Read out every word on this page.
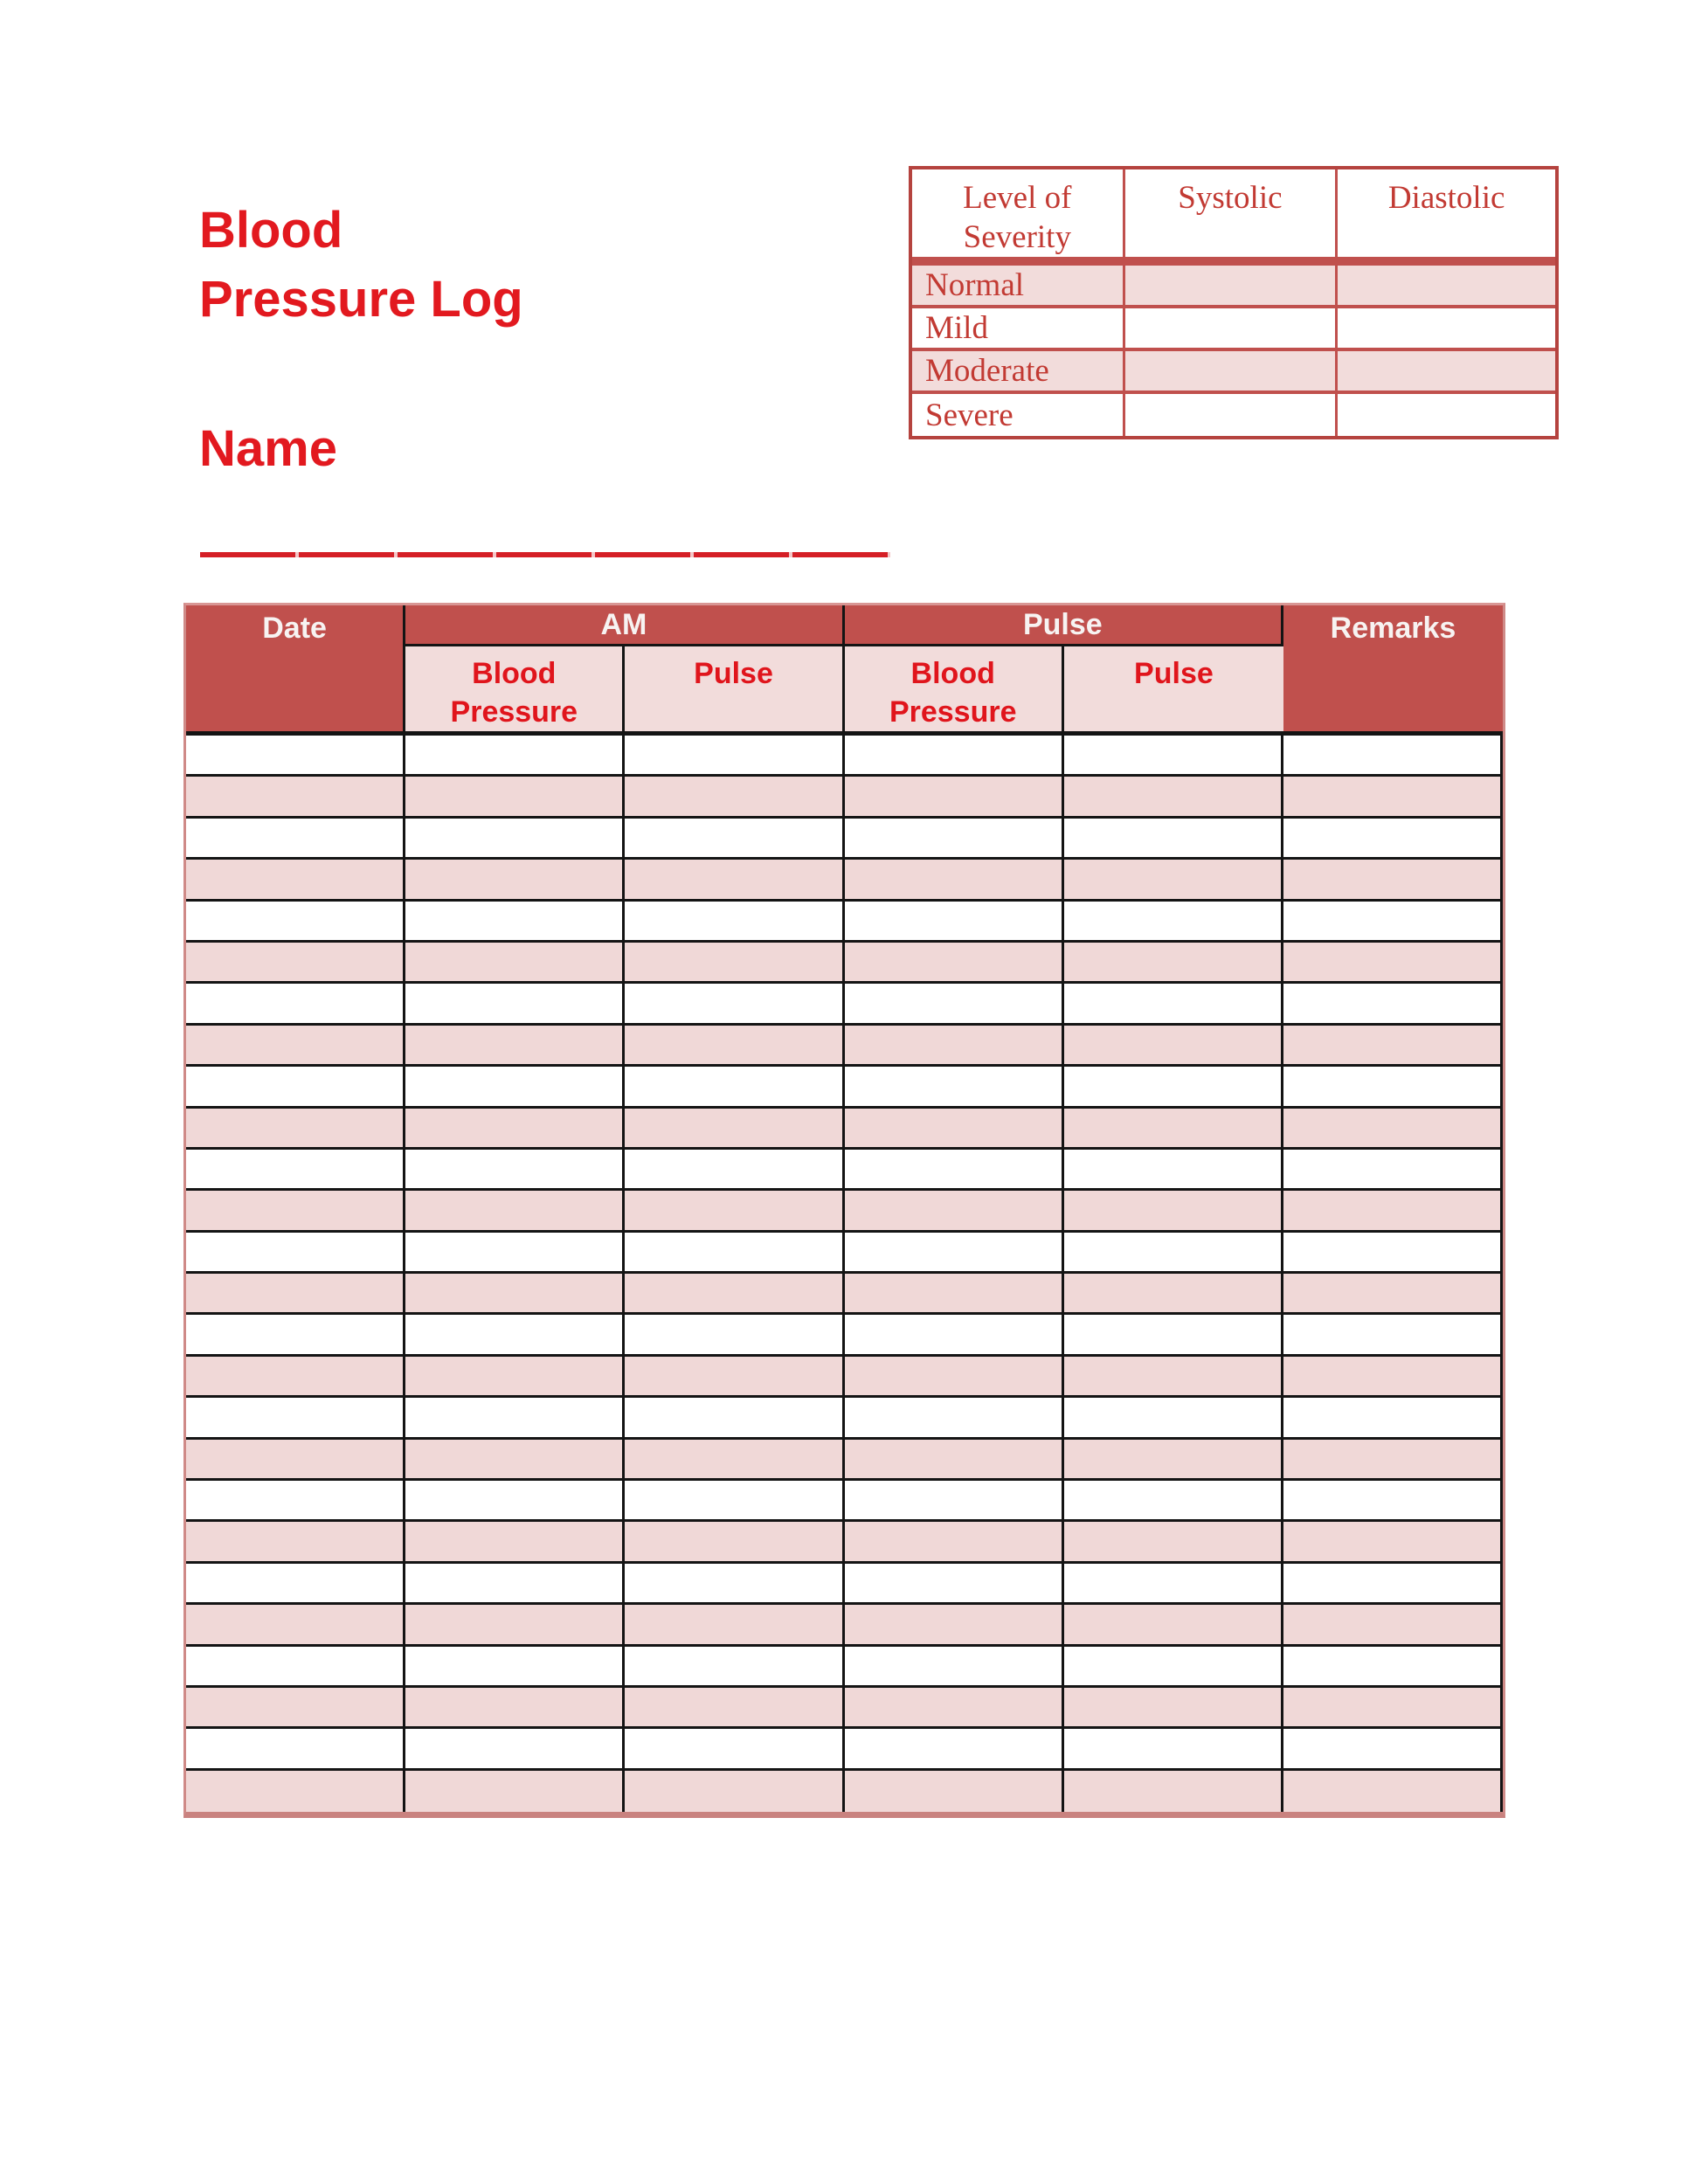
Blood
Pressure Log
Level of Severity	Systolic	Diastolic
Normal		
Mild		
Moderate		
Severe		
Name
Date	AM		Pulse		Remarks
	Blood Pressure	Pulse	Blood Pressure	Pulse	
